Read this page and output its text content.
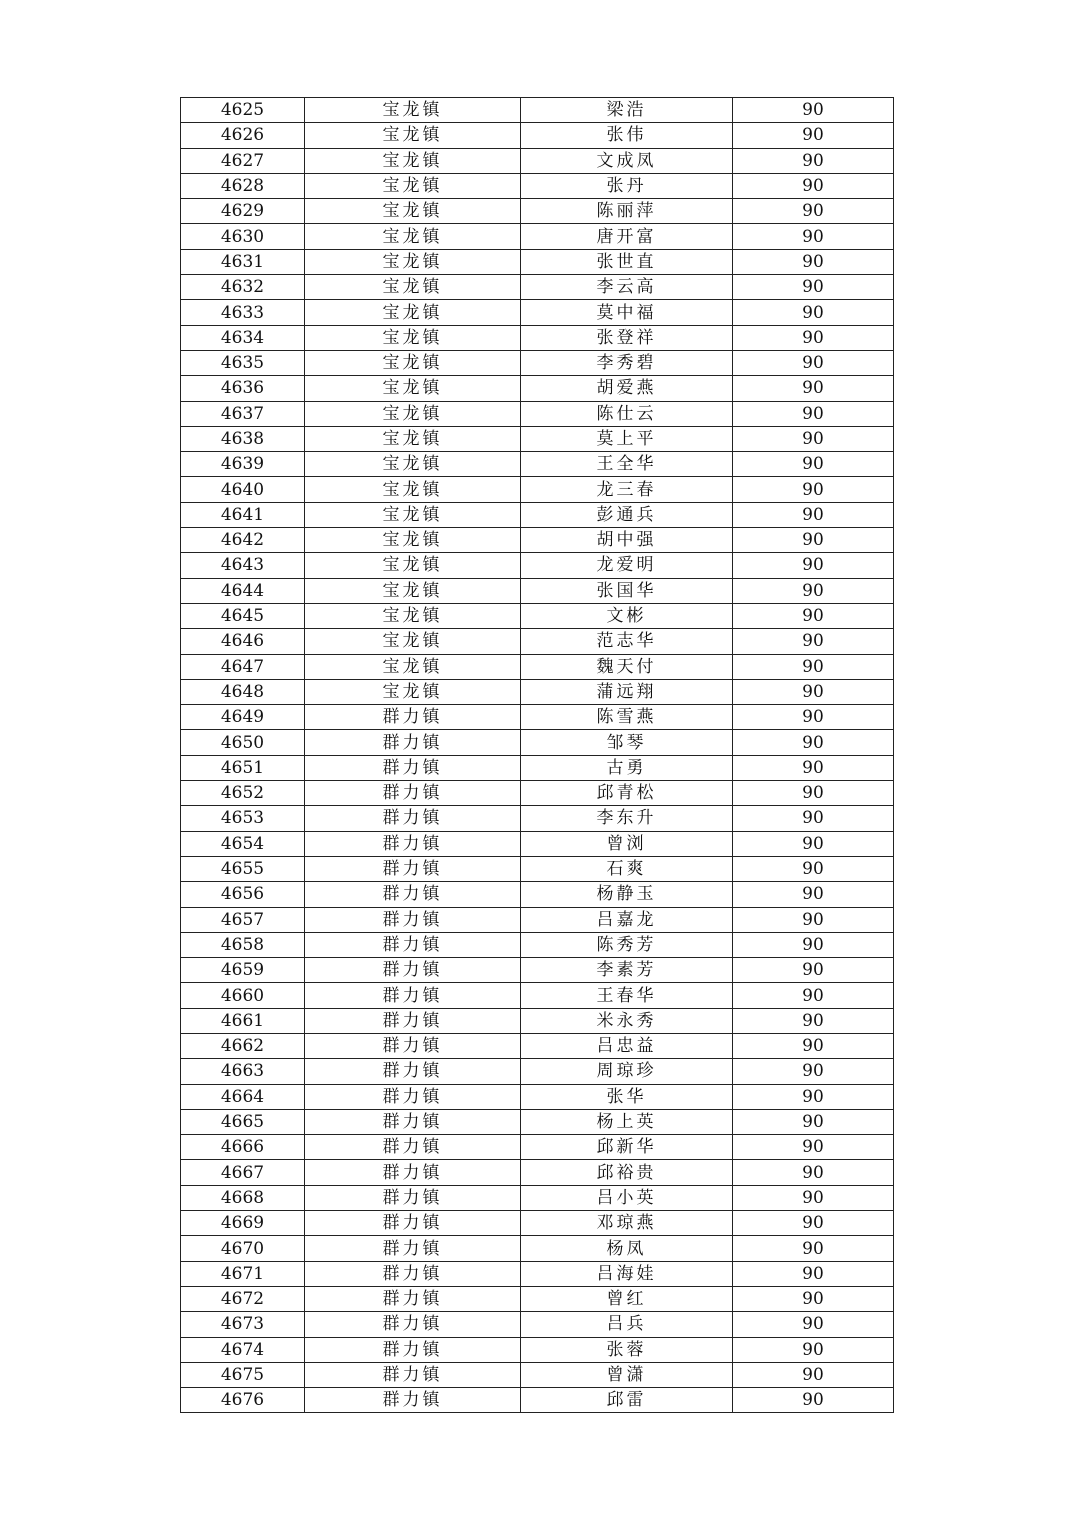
4625	宝龙镇	梁浩	90
4626	宝龙镇	张伟	90
4627	宝龙镇	文成凤	90
4628	宝龙镇	张丹	90
4629	宝龙镇	陈丽萍	90
4630	宝龙镇	唐开富	90
4631	宝龙镇	张世直	90
4632	宝龙镇	李云高	90
4633	宝龙镇	莫中福	90
4634	宝龙镇	张登祥	90
4635	宝龙镇	李秀碧	90
4636	宝龙镇	胡爱燕	90
4637	宝龙镇	陈仕云	90
4638	宝龙镇	莫上平	90
4639	宝龙镇	王全华	90
4640	宝龙镇	龙三春	90
4641	宝龙镇	彭通兵	90
4642	宝龙镇	胡中强	90
4643	宝龙镇	龙爱明	90
4644	宝龙镇	张国华	90
4645	宝龙镇	文彬	90
4646	宝龙镇	范志华	90
4647	宝龙镇	魏天付	90
4648	宝龙镇	蒲远翔	90
4649	群力镇	陈雪燕	90
4650	群力镇	邹琴	90
4651	群力镇	古勇	90
4652	群力镇	邱青松	90
4653	群力镇	李东升	90
4654	群力镇	曾浏	90
4655	群力镇	石爽	90
4656	群力镇	杨静玉	90
4657	群力镇	吕嘉龙	90
4658	群力镇	陈秀芳	90
4659	群力镇	李素芳	90
4660	群力镇	王春华	90
4661	群力镇	米永秀	90
4662	群力镇	吕忠益	90
4663	群力镇	周琼珍	90
4664	群力镇	张华	90
4665	群力镇	杨上英	90
4666	群力镇	邱新华	90
4667	群力镇	邱裕贵	90
4668	群力镇	吕小英	90
4669	群力镇	邓琼燕	90
4670	群力镇	杨凤	90
4671	群力镇	吕海娃	90
4672	群力镇	曾红	90
4673	群力镇	吕兵	90
4674	群力镇	张蓉	90
4675	群力镇	曾潇	90
4676	群力镇	邱雷	90
